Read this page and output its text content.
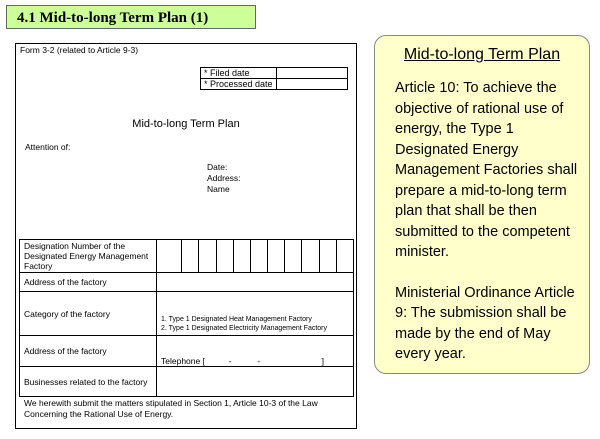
4.1 Mid-to-long Term Plan (1)
Form 3-2 (related to Article 9-3)
* Filed date	
* Processed date	
Mid-to-long Term Plan
Attention of:
Date:
Address:
Name
Designation Number of the Designated Energy Management Factory	

Address of the factory	
Category of the factory	1. Type 1 Designated Heat Management Factory
2. Type 1 Designated Electricity Management Factory

Address of the factory	Telephone [          -           -                          ]
Businesses related to the factory	
We herewith submit the matters stipulated in Section 1, Article 10-3 of the Law Concerning the Rational Use of Energy.
Mid-to-long Term Plan

Article 10: To achieve the objective of rational use of energy, the Type 1 Designated Energy Management Factories shall prepare a mid-to-long term plan that shall be then submitted to the competent minister.

Ministerial Ordinance Article 9: The submission shall be made by the end of May every year.
